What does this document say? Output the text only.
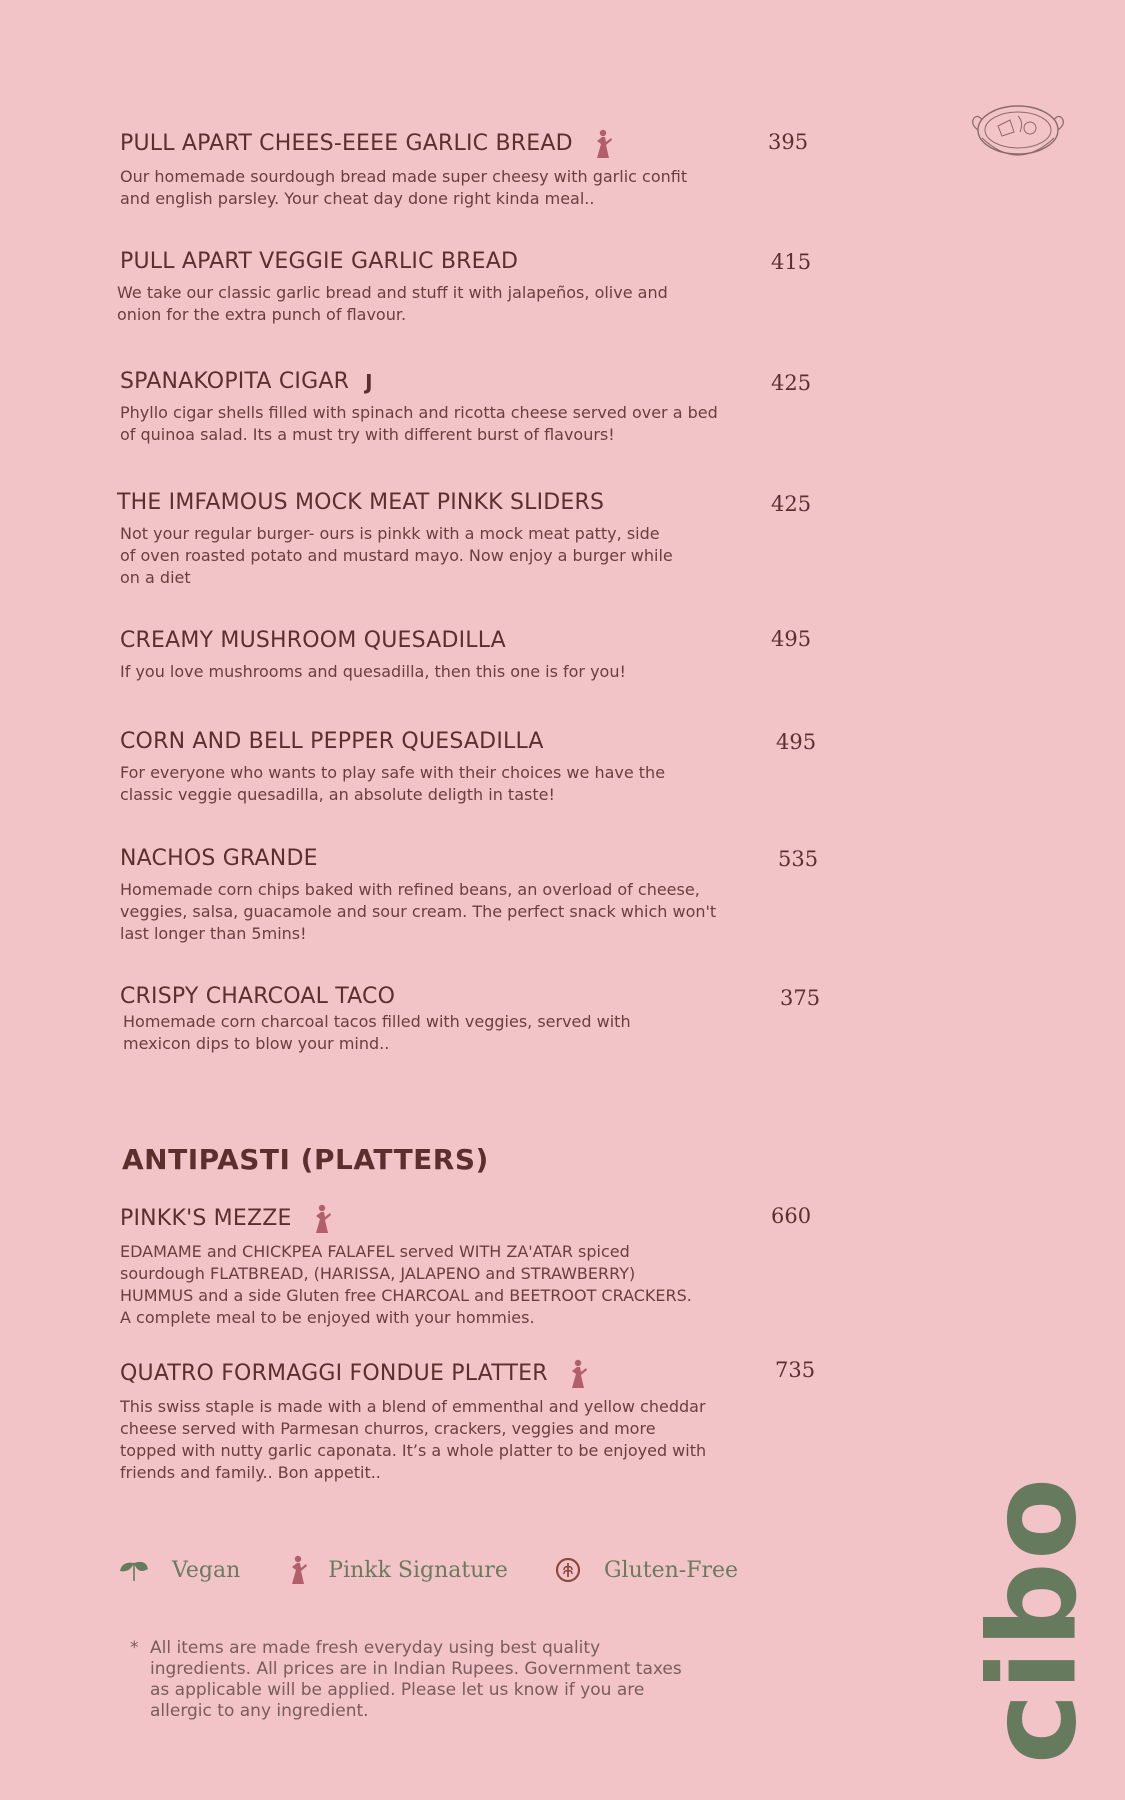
PULL APART CHEES-EEEE GARLIC BREAD
Our homemade sourdough bread made super cheesy with garlic confit and english parsley. Your cheat day done right kinda meal..
395
PULL APART VEGGIE GARLIC BREAD
We take our classic garlic bread and stuff it with jalapeños, olive and onion for the extra punch of flavour.
415
SPANAKOPITA CIGAR J
Phyllo cigar shells filled with spinach and ricotta cheese served over a bed of quinoa salad. Its a must try with different burst of flavours!
425
THE IMFAMOUS MOCK MEAT PINKK SLIDERS
Not your regular burger- ours is pinkk with a mock meat patty, side of oven roasted potato and mustard mayo. Now enjoy a burger while on a diet
425
CREAMY MUSHROOM QUESADILLA
If you love mushrooms and quesadilla, then this one is for you!
495
CORN AND BELL PEPPER QUESADILLA
For everyone who wants to play safe with their choices we have the classic veggie quesadilla, an absolute deligth in taste!
495
NACHOS GRANDE
Homemade corn chips baked with refined beans, an overload of cheese, veggies, salsa, guacamole and sour cream. The perfect snack which won't last longer than 5mins!
535
CRISPY CHARCOAL TACO
Homemade corn charcoal tacos filled with veggies, served with mexicon dips to blow your mind..
375
ANTIPASTI (PLATTERS)
PINKK'S MEZZE
EDAMAME and CHICKPEA FALAFEL served WITH ZA'ATAR spiced sourdough FLATBREAD, (HARISSA, JALAPENO and STRAWBERRY) HUMMUS and a side Gluten free CHARCOAL and BEETROOT CRACKERS. A complete meal to be enjoyed with your hommies.
660
QUATRO FORMAGGI FONDUE PLATTER
This swiss staple is made with a blend of emmenthal and yellow cheddar cheese served with Parmesan churros, crackers, veggies and more topped with nutty garlic caponata. It’s a whole platter to be enjoyed with friends and family.. Bon appetit..
735
Vegan	Pinkk Signature	Gluten-Free
* All items are made fresh everyday using best quality ingredients. All prices are in Indian Rupees. Government taxes as applicable will be applied. Please let us know if you are allergic to any ingredient.	cibo
